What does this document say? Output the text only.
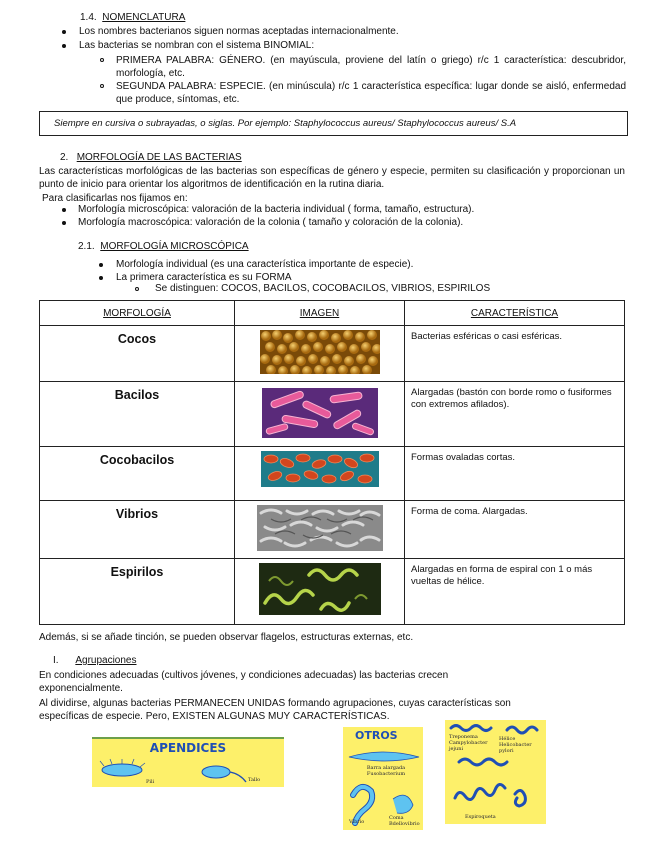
1.4. NOMENCLATURA
Los nombres bacterianos siguen normas aceptadas internacionalmente.
Las bacterias se nombran con el sistema BINOMIAL:
PRIMERA PALABRA: GÉNERO. (en mayúscula, proviene del latín o griego) r/c 1 característica: descubridor, morfología, etc.
SEGUNDA PALABRA: ESPECIE. (en minúscula) r/c 1 característica específica: lugar donde se aisló, enfermedad que produce, síntomas, etc.
Siempre en cursiva o subrayadas, o siglas. Por ejemplo: Staphylococcus aureus/ Staphylococcus aureus/ S.A
2. MORFOLOGÍA DE LAS BACTERIAS
Las características morfológicas de las bacterias son específicas de género y especie, permiten su clasificación y proporcionan un punto de inicio para orientar los algoritmos de identificación en la rutina diaria.
Para clasificarlas nos fijamos en:
Morfología microscópica: valoración de la bacteria individual ( forma, tamaño, estructura).
Morfología macroscópica: valoración de la colonia ( tamaño y coloración de la colonia).
2.1. MORFOLOGÍA MICROSCÓPICA
Morfología individual (es una característica importante de especie).
La primera característica es su FORMA
Se distinguen: COCOS, BACILOS, COCOBACILOS, VIBRIOS, ESPIRILOS
MORFOLOGÍA	IMAGEN	CARACTERÍSTICA
Cocos		Bacterias esféricas o casi esféricas.
Bacilos		Alargadas (bastón con borde romo o fusiformes con extremos afilados).
Cocobacilos		Formas ovaladas cortas.
Vibrios		Forma de coma. Alargadas.
Espirilos		Alargadas en forma de espiral con 1 o más vueltas de hélice.
Además, si se añade tinción, se pueden observar flagelos, estructuras externas, etc.
I. Agrupaciones
En condiciones adecuadas (cultivos jóvenes, y condiciones adecuadas) las bacterias crecen exponencialmente.
Al dividirse, algunas bacterias PERMANECEN UNIDAS formando agrupaciones, cuyas características son específicas de especie. Pero, EXISTEN ALGUNAS MUY CARACTERÍSTICAS.
APENDICES
Pili	Tallo
OTROS
Barra alargada Fusobacterium
Vibrio
Coma Bdellovibrio
Treponema Campylobacter jejuni
Hélice Helicobacter pylori
Espiroqueta
